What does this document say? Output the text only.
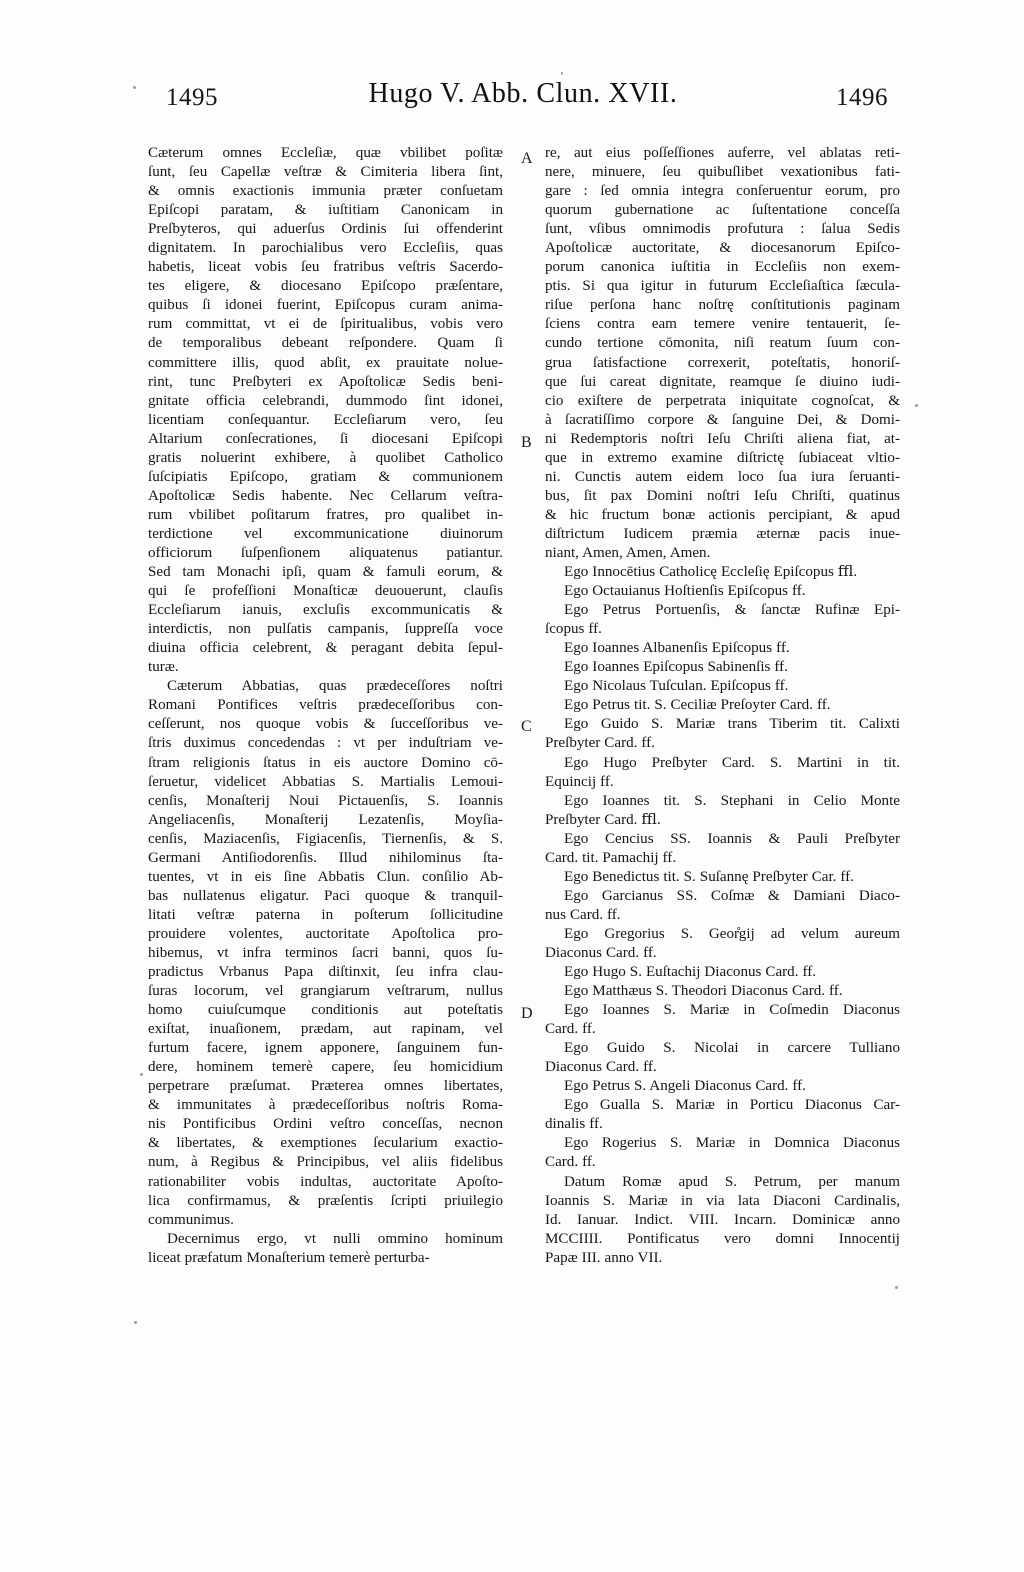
1495	Hugo V. Abb. Clun. XVII.	1496
A
B
C
D

Cæterum omnes Eccleſiæ, quæ vbilibet poſitæ
ſunt, ſeu Capellæ veſtræ & Cimiteria libera ſint,
& omnis exactionis immunia præter conſuetam
Epiſcopi paratam, & iuſtitiam Canonicam in
Preſbyteros, qui aduerſus Ordinis ſui offenderint
dignitatem. In parochialibus vero Eccleſiis, quas
habetis, liceat vobis ſeu fratribus veſtris Sacerdo-
tes eligere, & diocesano Epiſcopo præſentare,
quibus ſi idonei fuerint, Epiſcopus curam anima-
rum committat, vt ei de ſpiritualibus, vobis vero
de temporalibus debeant reſpondere. Quam ſi
committere illis, quod abſit, ex prauitate nolue-
rint, tunc Preſbyteri ex Apoſtolicæ Sedis beni-
gnitate officia celebrandi, dummodo ſint idonei,
licentiam conſequantur. Eccleſiarum vero, ſeu
Altarium conſecrationes, ſi diocesani Epiſcopi
gratis noluerint exhibere, à quolibet Catholico
ſuſcipiatis Epiſcopo, gratiam & communionem
Apoſtolicæ Sedis habente. Nec Cellarum veſtra-
rum vbilibet poſitarum fratres, pro qualibet in-
terdictione vel excommunicatione diuinorum
officiorum ſuſpenſionem aliquatenus patiantur.
Sed tam Monachi ipſi, quam & famuli eorum, &
qui ſe profeſſioni Monaſticæ deuouerunt, clauſis
Eccleſiarum ianuis, excluſis excommunicatis &
interdictis, non pulſatis campanis, ſuppreſſa voce
diuina officia celebrent, & peragant debita ſepul-
turæ.

Cæterum Abbatias, quas prædeceſſores noſtri
Romani Pontifices veſtris prædeceſſoribus con-
ceſſerunt, nos quoque vobis & ſucceſſoribus ve-
ſtris duximus concedendas : vt per induſtriam ve-
ſtram religionis ſtatus in eis auctore Domino cō-
ſeruetur, videlicet Abbatias S. Martialis Lemoui-
cenſis, Monaſterij Noui Pictauenſis, S. Ioannis
Angeliacenſis, Monaſterij Lezatenſis, Moyſia-
cenſis, Maziacenſis, Figiacenſis, Tiernenſis, & S.
Germani Antiſiodorenſis. Illud nihilominus ſta-
tuentes, vt in eis ſine Abbatis Clun. conſilio Ab-
bas nullatenus eligatur. Paci quoque & tranquil-
litati veſtræ paterna in poſterum ſollicitudine
prouidere volentes, auctoritate Apoſtolica pro-
hibemus, vt infra terminos ſacri banni, quos ſu-
pradictus Vrbanus Papa diſtinxit, ſeu infra clau-
ſuras locorum, vel grangiarum veſtrarum, nullus
homo cuiuſcumque conditionis aut poteſtatis
exiſtat, inuaſionem, prædam, aut rapinam, vel
furtum facere, ignem apponere, ſanguinem fun-
dere, hominem temerè capere, ſeu homicidium
perpetrare præſumat. Præterea omnes libertates,
& immunitates à prædeceſſoribus noſtris Roma-
nis Pontificibus Ordini veſtro conceſſas, necnon
& libertates, & exemptiones ſecularium exactio-
num, à Regibus & Principibus, vel aliis fidelibus
rationabiliter vobis indultas, auctoritate Apoſto-
lica confirmamus, & præſentis ſcripti priuilegio
communimus.

Decernimus ergo, vt nulli ommino hominum
liceat præfatum Monaſterium temerè perturba-

re, aut eius poſſeſſiones auferre, vel ablatas reti-
nere, minuere, ſeu quibuſlibet vexationibus fati-
gare : ſed omnia integra conſeruentur eorum, pro
quorum gubernatione ac ſuſtentatione conceſſa
ſunt, vſibus omnimodis profutura : ſalua Sedis
Apoſtolicæ auctoritate, & diocesanorum Epiſco-
porum canonica iuſtitia in Eccleſiis non exem-
ptis. Si qua igitur in futurum Eccleſiaſtica ſæcula-
riſue perſona hanc noſtrę conſtitutionis paginam
ſciens contra eam temere venire tentauerit, ſe-
cundo tertione cōmonita, niſi reatum ſuum con-
grua ſatisfactione correxerit, poteſtatis, honoriſ-
que ſui careat dignitate, reamque ſe diuino iudi-
cio exiſtere de perpetrata iniquitate cognoſcat, &
à ſacratiſſimo corpore & ſanguine Dei, & Domi-
ni Redemptoris noſtri Ieſu Chriſti aliena fiat, at-
que in extremo examine diſtrictę ſubiaceat vltio-
ni. Cunctis autem eidem loco ſua iura ſeruanti-
bus, ſit pax Domini noſtri Ieſu Chriſti, quatinus
& hic fructum bonæ actionis percipiant, & apud
diſtrictum Iudicem præmia æternæ pacis inue-
niant, Amen, Amen, Amen.

Ego Innocētius Catholicę Eccleſię Epiſcopus ﬄ.

Ego Octauianus Hoſtienſis Epiſcopus ff.

Ego Petrus Portuenſis, & ſanctæ Rufinæ Epi-
ſcopus ff.

Ego Ioannes Albanenſis Epiſcopus ff.

Ego Ioannes Epiſcopus Sabinenſis ff.

Ego Nicolaus Tuſculan. Epiſcopus ff.

Ego Petrus tit. S. Ceciliæ Preſoyter Card. ff.

Ego Guido S. Mariæ trans Tiberim tit. Calixti
Preſbyter Card. ff.

Ego Hugo Preſbyter Card. S. Martini in tit.
Equincij ff.

Ego Ioannes tit. S. Stephani in Celio Monte
Preſbyter Card. ﬄ.

Ego Cencius SS. Ioannis & Pauli Preſbyter
Card. tit. Pamachij ff.

Ego Benedictus tit. S. Suſannę Preſbyter Car. ff.

Ego Garcianus SS. Coſmæ & Damiani Diaco-
nus Card. ff.

Ego Gregorius S. Geor̊gij ad velum aureum
Diaconus Card. ff.

Ego Hugo S. Euſtachij Diaconus Card. ff.

Ego Matthæus S. Theodori Diaconus Card. ff.

Ego Ioannes S. Mariæ in Coſmedin Diaconus
Card. ff.

Ego Guido S. Nicolai in carcere Tulliano
Diaconus Card. ff.

Ego Petrus S. Angeli Diaconus Card. ff.

Ego Gualla S. Mariæ in Porticu Diaconus Car-
dinalis ff.

Ego Rogerius S. Mariæ in Domnica Diaconus
Card. ff.

Datum Romæ apud S. Petrum, per manum
Ioannis S. Mariæ in via lata Diaconi Cardinalis,
Id. Ianuar. Indict. VIII. Incarn. Dominicæ anno
MCCIIII. Pontificatus vero domni Innocentij
Papæ III. anno VII.
